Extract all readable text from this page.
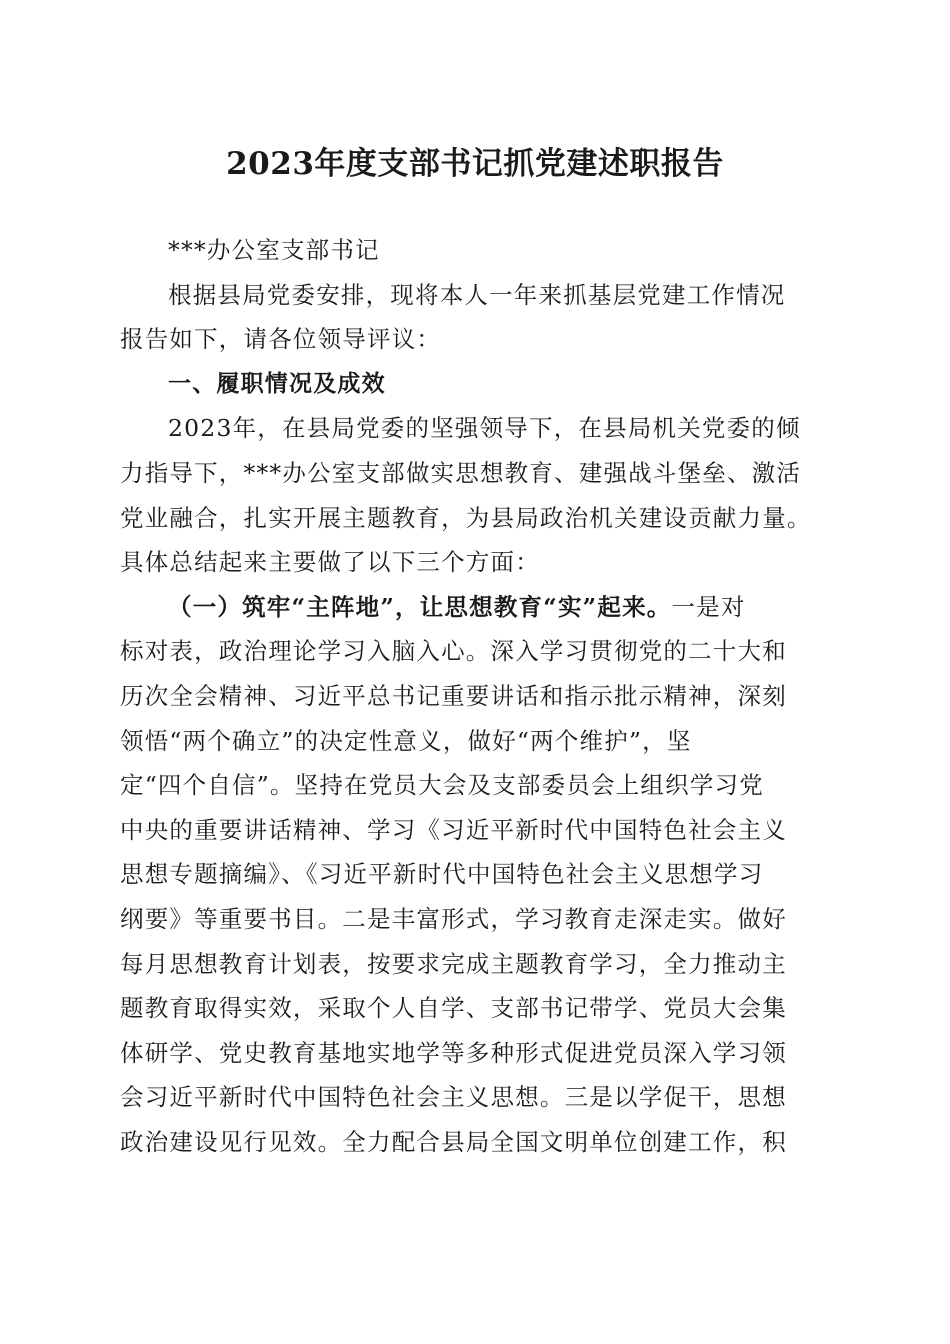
2023年度支部书记抓党建述职报告
***办公室支部书记
根据县局党委安排，现将本人一年来抓基层党建工作情况
报告如下，请各位领导评议：
一、履职情况及成效
2023年，在县局党委的坚强领导下，在县局机关党委的倾
力指导下，***办公室支部做实思想教育、建强战斗堡垒、激活
党业融合，扎实开展主题教育，为县局政治机关建设贡献力量。
具体总结起来主要做了以下三个方面：
（一）筑牢“主阵地”，让思想教育“实”起来。一是对
标对表，政治理论学习入脑入心。深入学习贯彻党的二十大和
历次全会精神、习近平总书记重要讲话和指示批示精神，深刻
领悟“两个确立”的决定性意义，做好“两个维护”，坚
定“四个自信”。坚持在党员大会及支部委员会上组织学习党
中央的重要讲话精神、学习《习近平新时代中国特色社会主义
思想专题摘编》、《习近平新时代中国特色社会主义思想学习
纲要》等重要书目。二是丰富形式，学习教育走深走实。做好
每月思想教育计划表，按要求完成主题教育学习，全力推动主
题教育取得实效，采取个人自学、支部书记带学、党员大会集
体研学、党史教育基地实地学等多种形式促进党员深入学习领
会习近平新时代中国特色社会主义思想。三是以学促干，思想
政治建设见行见效。全力配合县局全国文明单位创建工作，积
